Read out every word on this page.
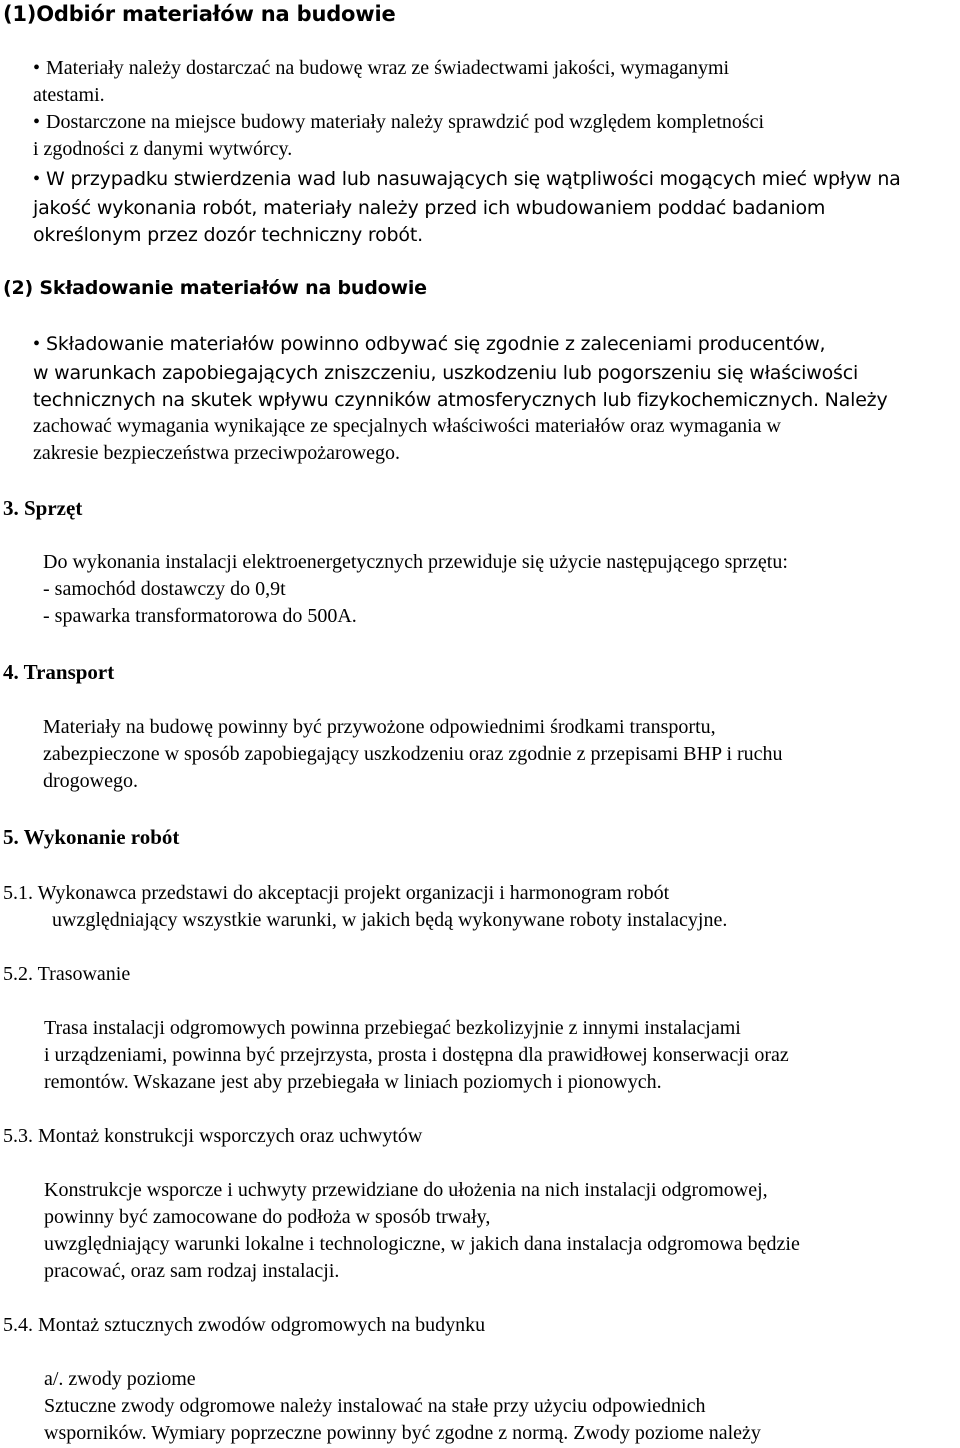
(1)Odbiór materiałów na budowie
• Materiały należy dostarczać na budowę wraz ze świadectwami jakości, wymaganymi
atestami.
• Dostarczone na miejsce budowy materiały należy sprawdzić pod względem kompletności
i zgodności z danymi wytwórcy.
• W przypadku stwierdzenia wad lub nasuwających się wątpliwości mogących mieć wpływ na
jakość wykonania robót, materiały należy przed ich wbudowaniem poddać badaniom
określonym przez dozór techniczny robót.
(2) Składowanie materiałów na budowie
• Składowanie materiałów powinno odbywać się zgodnie z zaleceniami producentów,
w warunkach zapobiegających zniszczeniu, uszkodzeniu lub pogorszeniu się właściwości
technicznych na skutek wpływu czynników atmosferycznych lub fizykochemicznych. Należy
zachować wymagania wynikające ze specjalnych właściwości materiałów oraz wymagania w
zakresie bezpieczeństwa przeciwpożarowego.
3. Sprzęt
Do wykonania instalacji elektroenergetycznych przewiduje się użycie następującego sprzętu:
- samochód dostawczy do 0,9t
- spawarka transformatorowa do 500A.
4. Transport
Materiały na budowę powinny być przywożone odpowiednimi środkami transportu,
zabezpieczone w sposób zapobiegający uszkodzeniu oraz zgodnie z przepisami BHP i ruchu
drogowego.
5. Wykonanie robót
5.1. Wykonawca przedstawi do akceptacji projekt organizacji i harmonogram robót
uwzględniający wszystkie warunki, w jakich będą wykonywane roboty instalacyjne.
5.2. Trasowanie
Trasa instalacji odgromowych powinna przebiegać bezkolizyjnie z innymi instalacjami
i urządzeniami, powinna być przejrzysta, prosta i dostępna dla prawidłowej konserwacji oraz
remontów. Wskazane jest aby przebiegała w liniach poziomych i pionowych.
5.3. Montaż konstrukcji wsporczych oraz uchwytów
Konstrukcje wsporcze i uchwyty przewidziane do ułożenia na nich instalacji odgromowej,
powinny być zamocowane do podłoża w sposób trwały,
uwzględniający warunki lokalne i technologiczne, w jakich dana instalacja odgromowa będzie
pracować, oraz sam rodzaj instalacji.
5.4. Montaż sztucznych zwodów odgromowych na budynku
a/. zwody poziome
Sztuczne zwody odgromowe należy instalować na stałe przy użyciu odpowiednich
wsporników. Wymiary poprzeczne powinny być zgodne z normą. Zwody poziome należy
